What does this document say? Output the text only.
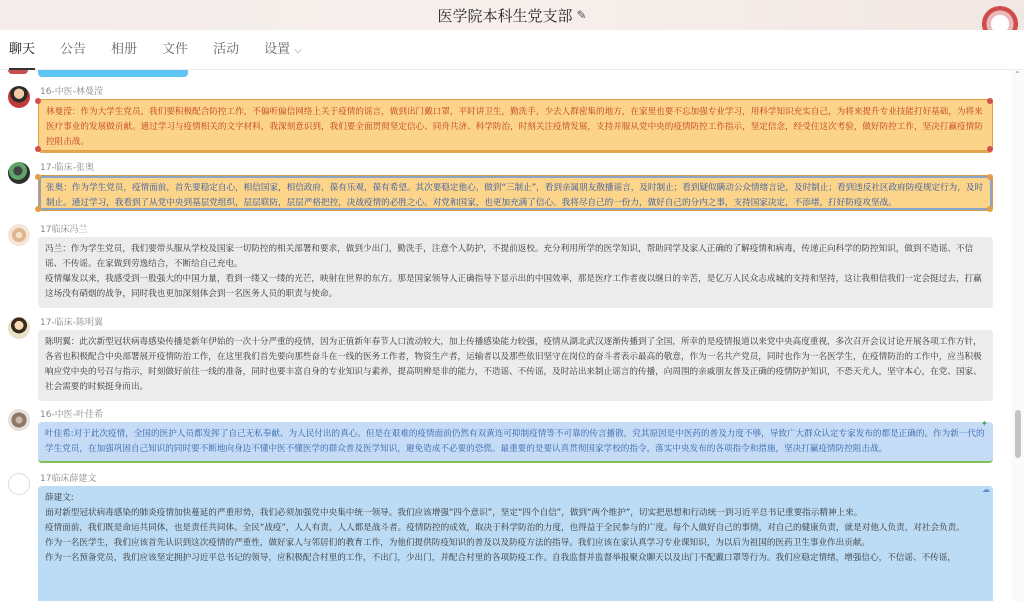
医学院本科生党支部 ✎
聊天 公告 相册 文件 活动 设置 ⌵
16-中医-林曼滢

林曼滢：作为大学生党员，我们要积极配合防控工作，不偏听偏信网络上关于疫情的谣言，做到出门戴口罩，平时讲卫生，勤洗手，少去人群密集的地方，在家里也要不忘加强专业学习，用科学知识充实自己，为将来提升专业技能打好基础，为将来医疗事业的发展做贡献。通过学习与疫情相关的文字材料，我深刻意识到，我们要全面贯彻坚定信心、同舟共济、科学防治，时刻关注疫情发展，支持并服从党中央的疫情防控工作指示，坚定信念，经受住这次考验，做好防控工作，坚决打赢疫情防控阻击战。

17-临床-张奥

张奥：作为学生党员，疫情面前，首先要稳定自心，相信国家，相信政府，葆有乐观，葆有希望。其次要稳定他心，做到“三制止”，看到亲属朋友散播谣言，及时制止；看到疑似瞒动公众情绪言论，及时制止；看到违反社区政府防疫规定行为，及时制止。通过学习，我看到了从党中央到基层党组织，层层联防，层层严格把控，决战疫情的必胜之心。对党和国家，也更加充满了信心。我将尽自己的一份力，做好自己的分内之事，支持国家决定，不添堵，打好防疫攻坚战。

17临床冯兰

冯兰：作为学生党员，我们要带头服从学校及国家一切防控的相关部署和要求，做到少出门，勤洗手，注意个人防护，不提前返校。充分利用所学的医学知识，帮助同学及家人正确的了解疫情和病毒，传递正向科学的防控知识，做到不造谣、不信谣、不传谣。在家做到劳逸结合，不断给自己充电。

疫情爆发以来，我感受到一股强大的中国力量，看到一缕又一缕的光芒，映射在世界的东方。那是国家领导人正确指导下显示出的中国效率，那是医疗工作者夜以继日的辛苦，是亿万人民众志成城的支持和坚持，这让我相信我们一定会挺过去，打赢这场没有硝烟的战争，同时我也更加深刻体会到一名医务人员的职责与使命。

17-临床-陈明翼

陈明翼：此次新型冠状病毒感染传播是新年伊始的一次十分严重的疫情，因为正值新年春节人口流动较大，加上传播感染能力较强，疫情从湖北武汉逐渐传播到了全国，所幸的是疫情报道以来党中央高度重视，多次召开会议讨论开展各项工作方针，各省也积极配合中央部署展开疫情防治工作，在这里我们首先要向那些奋斗在一线的医务工作者，物资生产者，运输者以及那些依旧坚守在岗位的奋斗者表示最高的敬意，作为一名共产党员，同时也作为一名医学生，在疫情防治的工作中，应当积极响应党中央的号召与指示，时刻做好前往一线的准备，同时也要丰富自身的专业知识与素养，提高明辨是非的能力，不造谣、不传谣，及时站出来制止谣言的传播，向周围的亲戚朋友普及正确的疫情防护知识，不恐天尤人，坚守本心，在党、国家、社会需要的时候挺身而出。

16-中医-叶佳希

叶佳希:对于此次疫情，全国的医护人员都发挥了自己无私奉献、为人民付出的真心。但是在艰难的疫情面前仍然有双黄连可抑制疫情等不可靠的传言播散，究其原因是中医药的普及力度不够，导致广大群众认定专家发布的都是正确的。作为新一代的学生党员，在加强巩固自己知识的同时要不断地向身边不懂中医不懂医学的群众普及医学知识，避免造成不必要的恐慌。最重要的是要认真贯彻国家学校的指令，落实中央发布的各项指令和措施，坚决打赢疫情防控阻击战。

✦
17临床薛建文

薛建文:

面对新型冠状病毒感染的肺炎疫情加快蔓延的严重形势，我们必须加强党中央集中统一领导。我们应该增强“四个意识”，坚定“四个自信”，做到“两个维护”，切实把思想和行动统一到习近平总书记重要指示精神上来。

疫情面前，我们既是命运共同体，也是责任共同体。全民“战疫”，人人有责，人人都是战斗者。疫情防控的成效，取决于科学防治的力度，也得益于全民参与的广度。每个人做好自己的事情，对自己的健康负责，就是对他人负责，对社会负责。

作为一名医学生，我们应该首先认识到这次疫情的严重性，做好家人与邻居们的教育工作，为他们提供防疫知识的普及以及防疫方法的指导。我们应该在家认真学习专业课知识，为以后为祖国的医药卫生事业作出贡献。

作为一名预备党员，我们应该坚定拥护习近平总书记的领导，应积极配合村里的工作，不出门，少出门，并配合村里的各项防疫工作。自我监督并监督举报聚众聊天以及出门不配戴口罩等行为。我们应稳定情绪，增强信心，不信谣、不传谣，

☁
⌃
